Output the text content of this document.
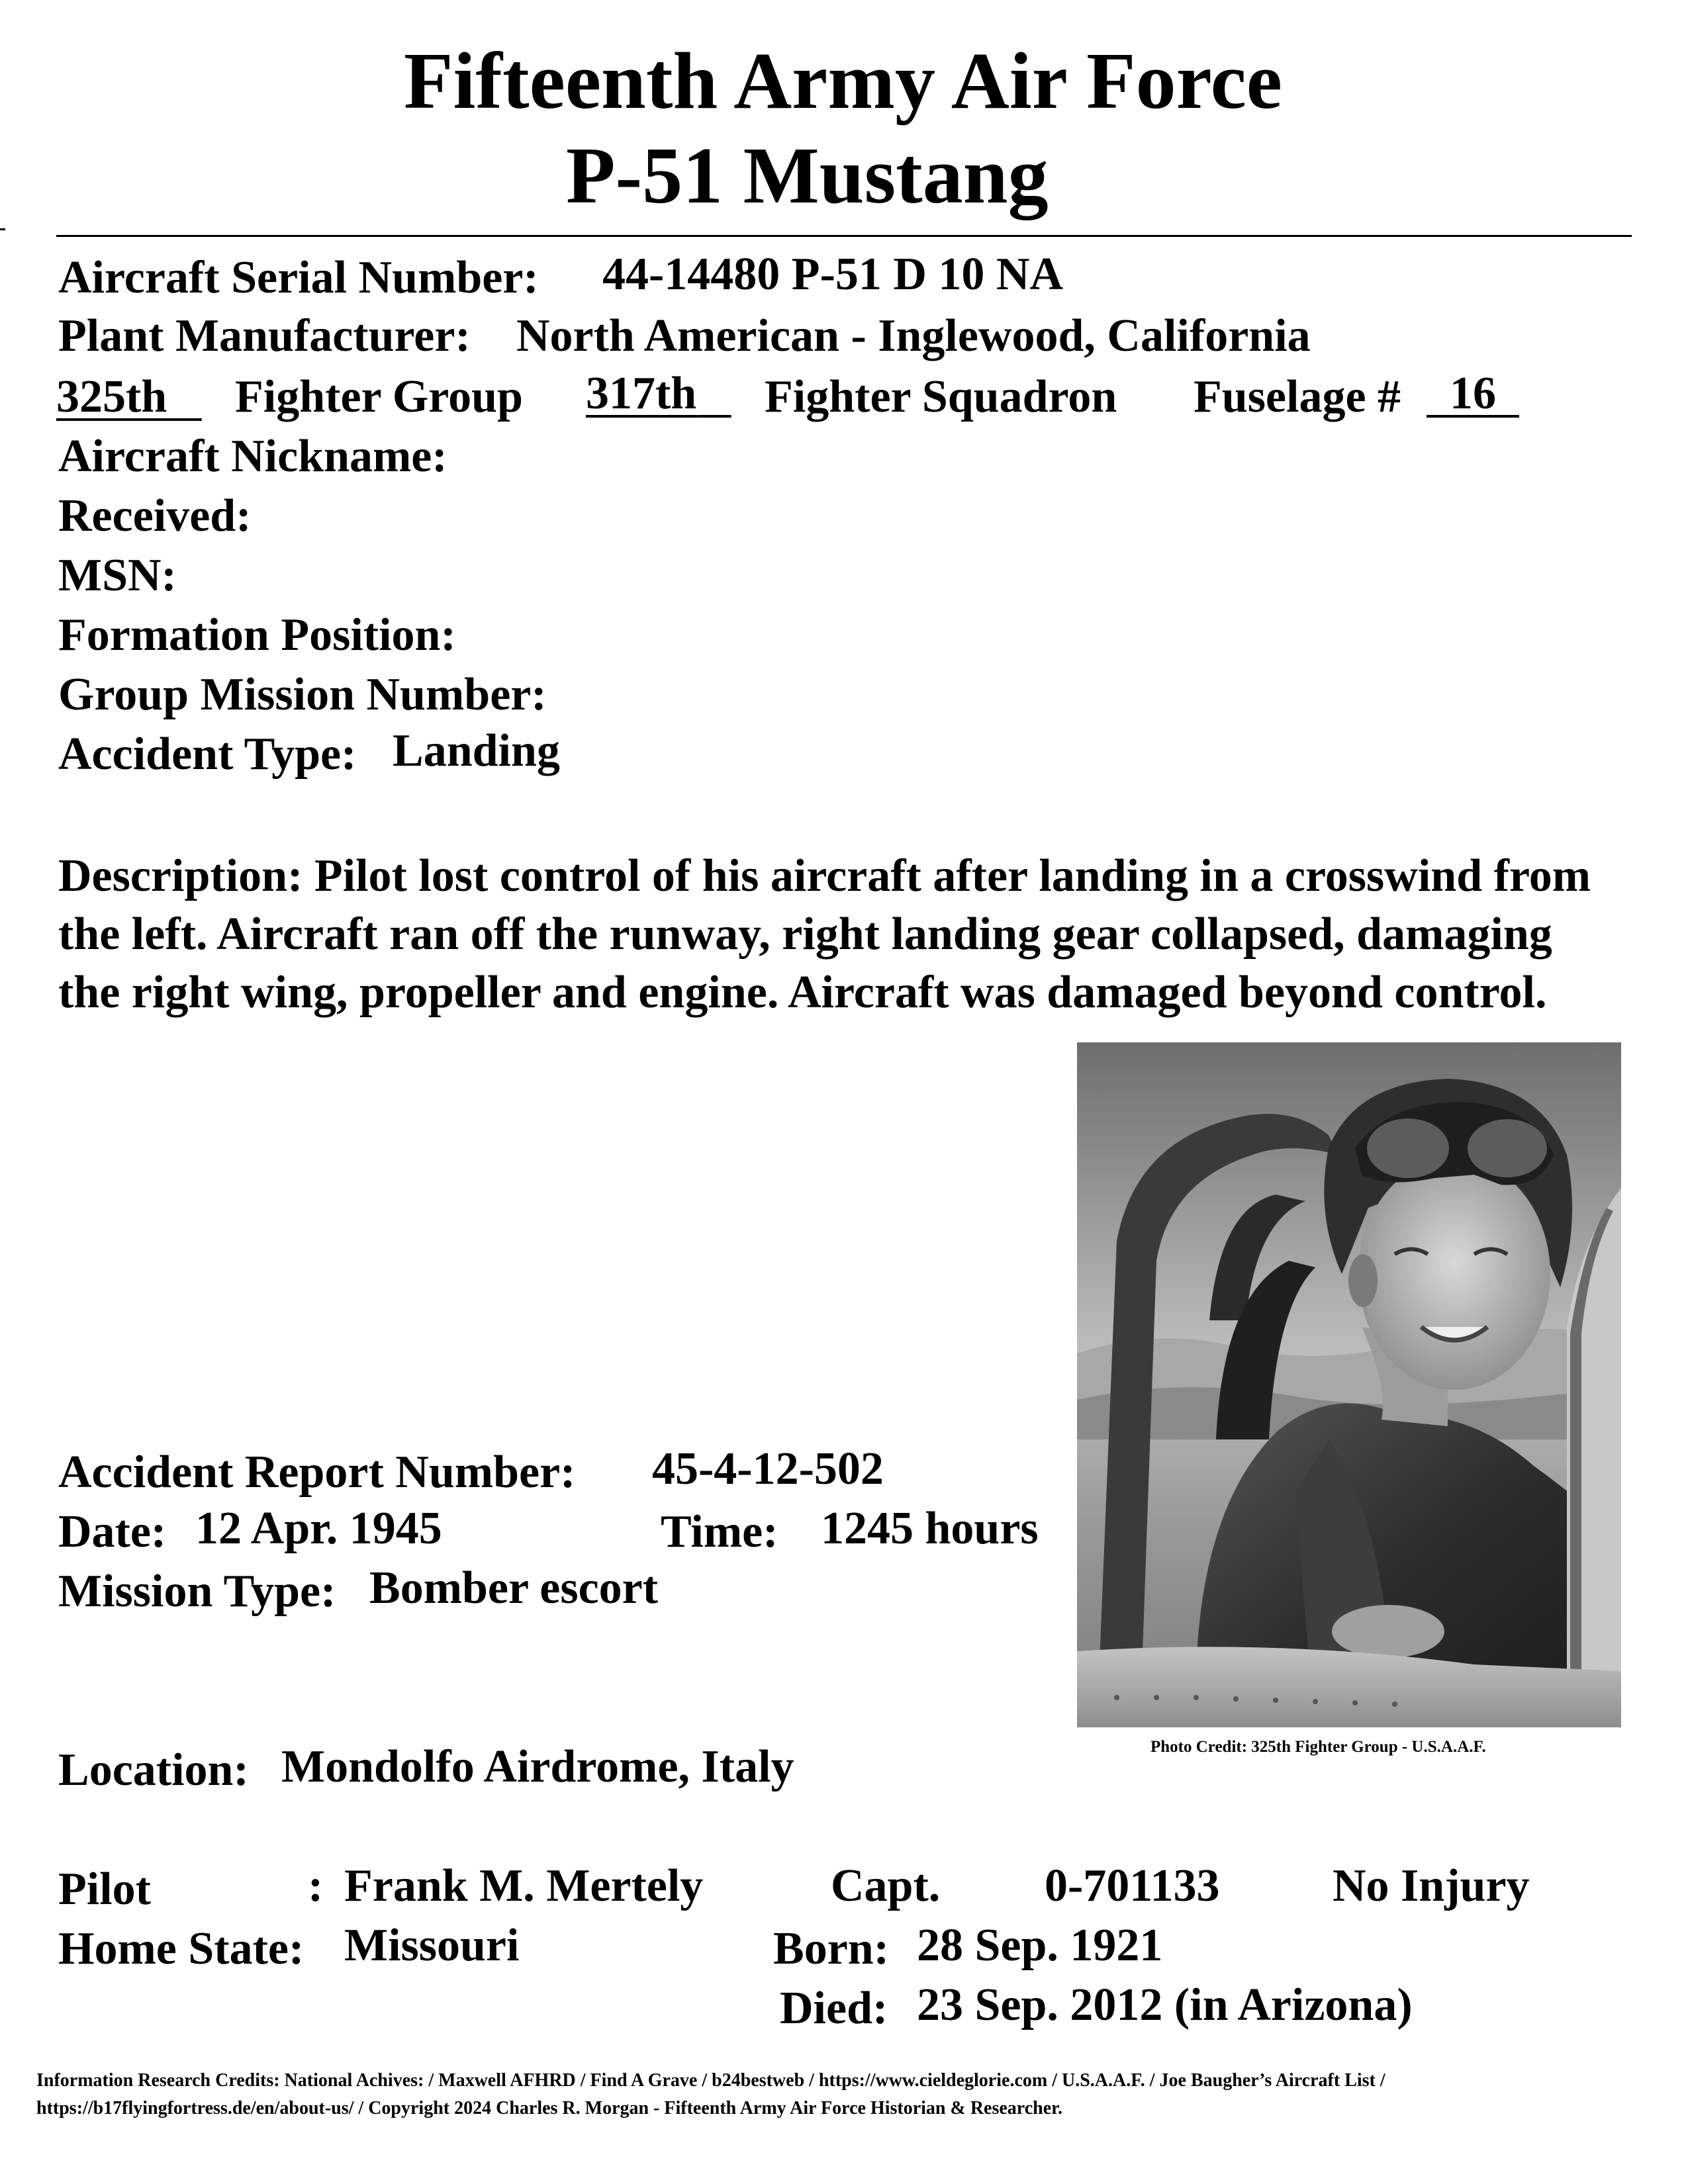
Fifteenth Army Air Force
P-51 Mustang
Aircraft Serial Number: 44-14480 P-51 D 10 NA
Plant Manufacturer: North American - Inglewood, California
325th	Fighter Group 317th	Fighter Squadron Fuselage #	16
Aircraft Nickname:
Received:
MSN:
Formation Position:
Group Mission Number:
Accident Type: Landing
Description: Pilot lost control of his aircraft after landing in a crosswind from the left. Aircraft ran off the runway, right landing gear collapsed, damaging the right wing, propeller and engine. Aircraft was damaged beyond control.
Photo Credit: 325th Fighter Group - U.S.A.A.F.
Accident Report Number: 45-4-12-502
Date: 12 Apr. 1945	Time: 1245 hours
Mission Type: Bomber escort
Location: Mondolfo Airdrome, Italy
Pilot	: Frank M. Mertely	Capt. 0-701133 No Injury
Home State: Missouri	Born: 28 Sep. 1921
Died: 23 Sep. 2012 (in Arizona)
Information Research Credits: National Achives: / Maxwell AFHRD / Find A Grave / b24bestweb / https://www.cieldeglorie.com / U.S.A.A.F. / Joe Baugher’s Aircraft List /
https://b17flyingfortress.de/en/about-us/ / Copyright 2024 Charles R. Morgan - Fifteenth Army Air Force Historian & Researcher.
